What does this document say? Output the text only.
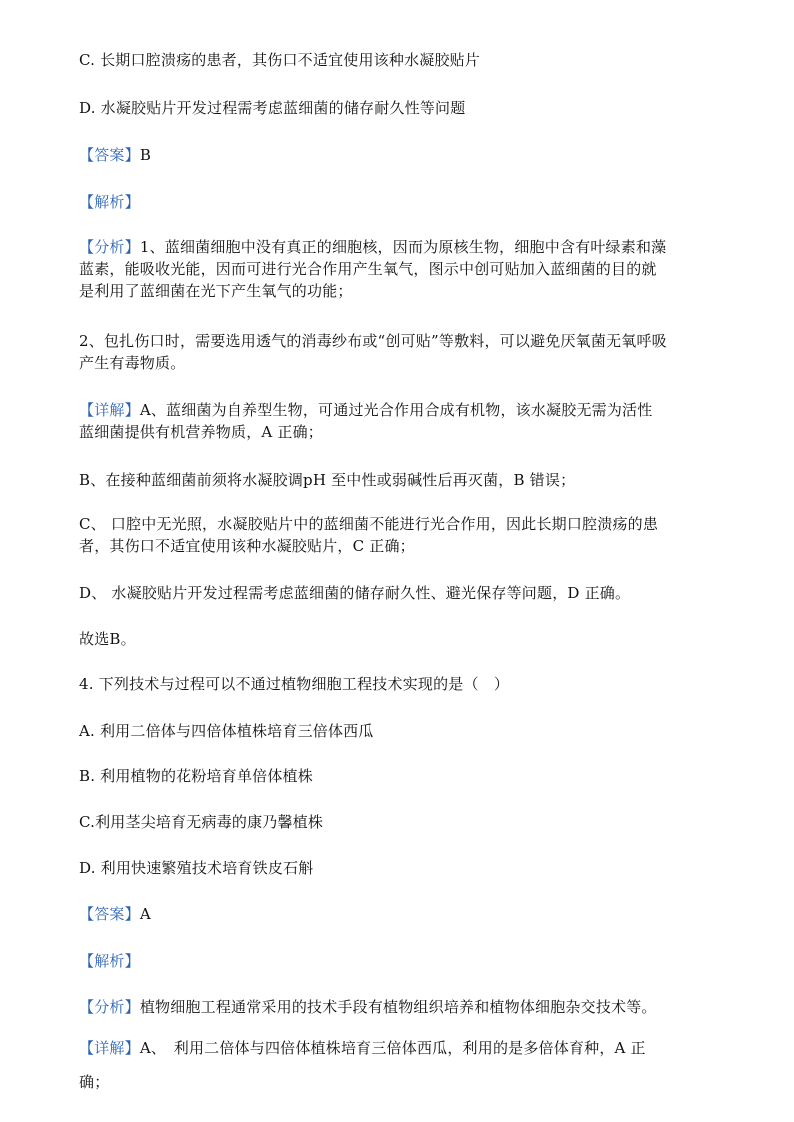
C. 长期口腔溃疡的患者，其伤口不适宜使用该种水凝胶贴片
D. 水凝胶贴片开发过程需考虑蓝细菌的储存耐久性等问题
【答案】B
【解析】
【分析】1、蓝细菌细胞中没有真正的细胞核，因而为原核生物，细胞中含有叶绿素和藻
蓝素，能吸收光能，因而可进行光合作用产生氧气，图示中创可贴加入蓝细菌的目的就
是利用了蓝细菌在光下产生氧气的功能；
2、包扎伤口时，需要选用透气的消毒纱布或“创可贴”等敷料，可以避免厌氧菌无氧呼吸
产生有毒物质。
【详解】A、蓝细菌为自养型生物，可通过光合作用合成有机物，该水凝胶无需为活性
蓝细菌提供有机营养物质，A 正确；
B、在接种蓝细菌前须将水凝胶调pH 至中性或弱碱性后再灭菌，B 错误；
C、 口腔中无光照，水凝胶贴片中的蓝细菌不能进行光合作用，因此长期口腔溃疡的患
者，其伤口不适宜使用该种水凝胶贴片，C 正确；
D、 水凝胶贴片开发过程需考虑蓝细菌的储存耐久性、避光保存等问题，D 正确。
故选B。
4. 下列技术与过程可以不通过植物细胞工程技术实现的是（　）
A. 利用二倍体与四倍体植株培育三倍体西瓜
B. 利用植物的花粉培育单倍体植株
C.利用茎尖培育无病毒的康乃馨植株
D. 利用快速繁殖技术培育铁皮石斛
【答案】A
【解析】
【分析】植物细胞工程通常采用的技术手段有植物组织培养和植物体细胞杂交技术等。
【详解】A、　利用二倍体与四倍体植株培育三倍体西瓜，利用的是多倍体育种，A 正
确；
